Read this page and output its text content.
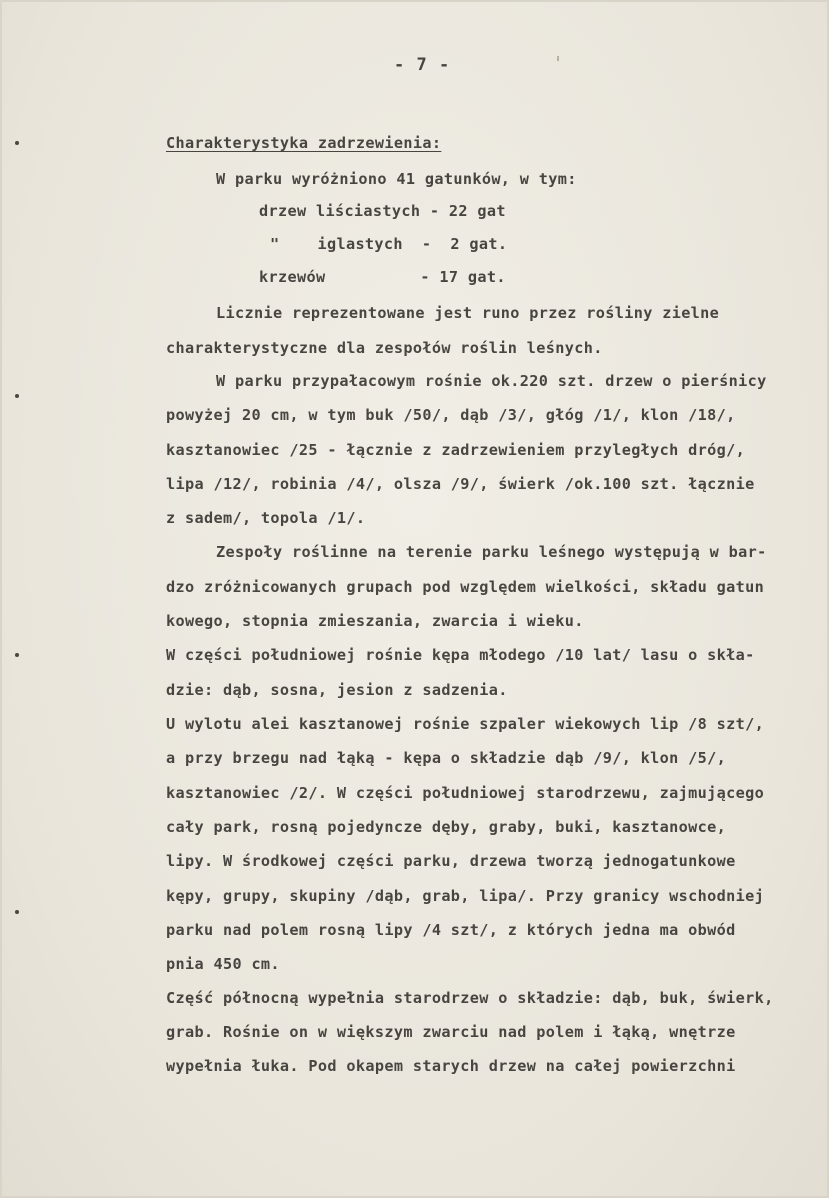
- 7 -
Charakterystyka zadrzewienia:
W parku wyróżniono 41 gatunków, w tym:
drzew liściastych - 22 gat
"    iglastych  -  2 gat.
krzewów          - 17 gat.
Licznie reprezentowane jest runo przez rośliny zielne
charakterystyczne dla zespołów roślin leśnych.
W parku przypałacowym rośnie ok.220 szt. drzew o pierśnicy
powyżej 20 cm, w tym buk /50/, dąb /3/, głóg /1/, klon /18/,
kasztanowiec /25 - łącznie z zadrzewieniem przyległych dróg/,
lipa /12/, robinia /4/, olsza /9/, świerk /ok.100 szt. łącznie
z sadem/, topola /1/.
Zespoły roślinne na terenie parku leśnego występują w bar-
dzo zróżnicowanych grupach pod względem wielkości, składu gatun
kowego, stopnia zmieszania, zwarcia i wieku.
W części południowej rośnie kępa młodego /10 lat/ lasu o skła-
dzie: dąb, sosna, jesion z sadzenia.
U wylotu alei kasztanowej rośnie szpaler wiekowych lip /8 szt/,
a przy brzegu nad łąką - kępa o składzie dąb /9/, klon /5/,
kasztanowiec /2/. W części południowej starodrzewu, zajmującego
cały park, rosną pojedyncze dęby, graby, buki, kasztanowce,
lipy. W środkowej części parku, drzewa tworzą jednogatunkowe
kępy, grupy, skupiny /dąb, grab, lipa/. Przy granicy wschodniej
parku nad polem rosną lipy /4 szt/, z których jedna ma obwód
pnia 450 cm.
Część północną wypełnia starodrzew o składzie: dąb, buk, świerk,
grab. Rośnie on w większym zwarciu nad polem i łąką, wnętrze
wypełnia łuka. Pod okapem starych drzew na całej powierzchni
